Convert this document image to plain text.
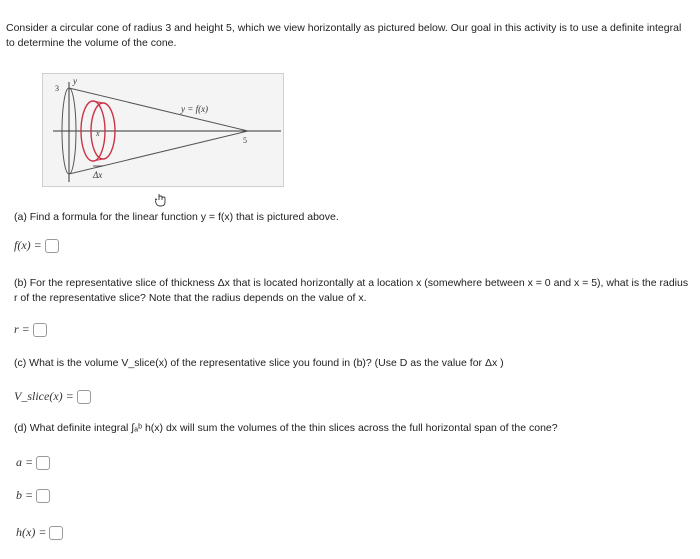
Consider a circular cone of radius 3 and height 5, which we view horizontally as pictured below. Our goal in this activity is to use a definite integral to determine the volume of the cone.
y
3
y = f(x)
5
x
Δx
(a) Find a formula for the linear function y = f(x) that is pictured above.
f(x) =
(b) For the representative slice of thickness Δx that is located horizontally at a location x (somewhere between x = 0 and x = 5), what is the radius r of the representative slice? Note that the radius depends on the value of x.
r =
(c) What is the volume V_slice(x) of the representative slice you found in (b)? (Use D as the value for Δx )
V_slice(x) =
(d) What definite integral ∫ₐᵇ h(x) dx will sum the volumes of the thin slices across the full horizontal span of the cone?
a =
b =
h(x) =
